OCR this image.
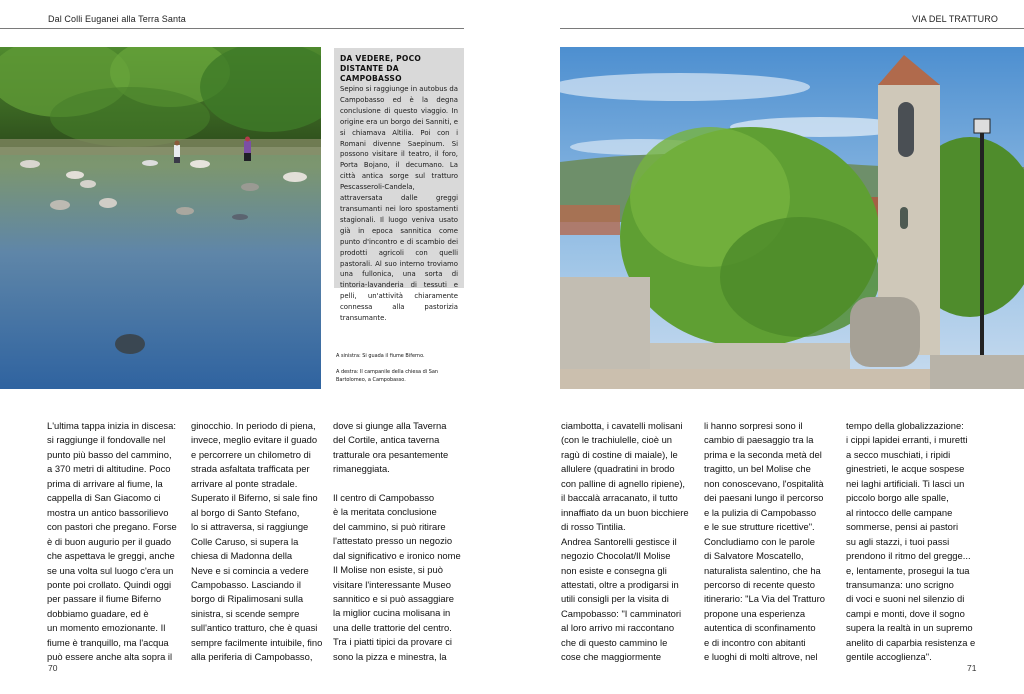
Dal Colli Euganei alla Terra Santa
70
VIA DEL TRATTURO
71
DA VEDERE, POCO DISTANTE DA CAMPOBASSO

Sepino si raggiunge in autobus da Campobasso ed è la degna conclusione di questo viaggio. In origine era un borgo dei Sanniti, e si chiamava Altilia. Poi con i Romani divenne Saepinum. Si possono visitare il teatro, il foro, Porta Bojano, il decumano. La città antica sorge sul tratturo Pescasseroli-Candela, attraversata dalle greggi transumanti nei loro spostamenti stagionali. Il luogo veniva usato già in epoca sannitica come punto d'incontro e di scambio dei prodotti agricoli con quelli pastorali. Al suo interno troviamo una fullonica, una sorta di tintoria-lavanderia di tessuti e pelli, un'attività chiaramente connessa alla pastorizia transumante.

A sinistra: Si guada il fiume Biferno.

A destra: Il campanile della chiesa di San Bartolomeo, a Campobasso.

L'ultima tappa inizia in discesa:
si raggiunge il fondovalle nel
punto più basso del cammino,
a 370 metri di altitudine. Poco
prima di arrivare al fiume, la
cappella di San Giacomo ci
mostra un antico bassorilievo
con pastori che pregano. Forse
è di buon augurio per il guado
che aspettava le greggi, anche
se una volta sul luogo c'era un
ponte poi crollato. Quindi oggi
per passare il fiume Biferno
dobbiamo guadare, ed è
un momento emozionante. Il
fiume è tranquillo, ma l'acqua
può essere anche alta sopra il

ginocchio. In periodo di piena,
invece, meglio evitare il guado
e percorrere un chilometro di
strada asfaltata trafficata per
arrivare al ponte stradale.
Superato il Biferno, si sale fino
al borgo di Santo Stefano,
lo si attraversa, si raggiunge
Colle Caruso, si supera la
chiesa di Madonna della
Neve e si comincia a vedere
Campobasso. Lasciando il
borgo di Ripalimosani sulla
sinistra, si scende sempre
sull'antico tratturo, che è quasi
sempre facilmente intuibile, fino
alla periferia di Campobasso,

dove si giunge alla Taverna
del Cortile, antica taverna
tratturale ora pesantemente
rimaneggiata.

Il centro di Campobasso
è la meritata conclusione
del cammino, si può ritirare
l'attestato presso un negozio
dal significativo e ironico nome
Il Molise non esiste, si può
visitare l'interessante Museo
sannitico e si può assaggiare
la miglior cucina molisana in
una delle trattorie del centro.
Tra i piatti tipici da provare ci
sono la pizza e minestra, la

ciambotta, i cavatelli molisani
(con le trachiulelle, cioè un
ragù di costine di maiale), le
allulere (quadratini in brodo
con palline di agnello ripiene),
il baccalà arracanato, il tutto
innaffiato da un buon bicchiere
di rosso Tintilia.
Andrea Santorelli gestisce il
negozio Chocolat/Il Molise
non esiste e consegna gli
attestati, oltre a prodigarsi in
utili consigli per la visita di
Campobasso: "I camminatori
al loro arrivo mi raccontano
che di questo cammino le
cose che maggiormente

li hanno sorpresi sono il
cambio di paesaggio tra la
prima e la seconda metà del
tragitto, un bel Molise che
non conoscevano, l'ospitalità
dei paesani lungo il percorso
e la pulizia di Campobasso
e le sue strutture ricettive".
Concludiamo con le parole
di Salvatore Moscatello,
naturalista salentino, che ha
percorso di recente questo
itinerario: "La Via del Tratturo
propone una esperienza
autentica di sconfinamento
e di incontro con abitanti
e luoghi di molti altrove, nel

tempo della globalizzazione:
i cippi lapidei erranti, i muretti
a secco muschiati, i ripidi
ginestrieti, le acque sospese
nei laghi artificiali. Ti lasci un
piccolo borgo alle spalle,
al rintocco delle campane
sommerse, pensi ai pastori
su agli stazzi, i tuoi passi
prendono il ritmo del gregge...
e, lentamente, prosegui la tua
transumanza: uno scrigno
di voci e suoni nel silenzio di
campi e monti, dove il sogno
supera la realtà in un supremo
anelito di caparbia resistenza e
gentile accoglienza".
